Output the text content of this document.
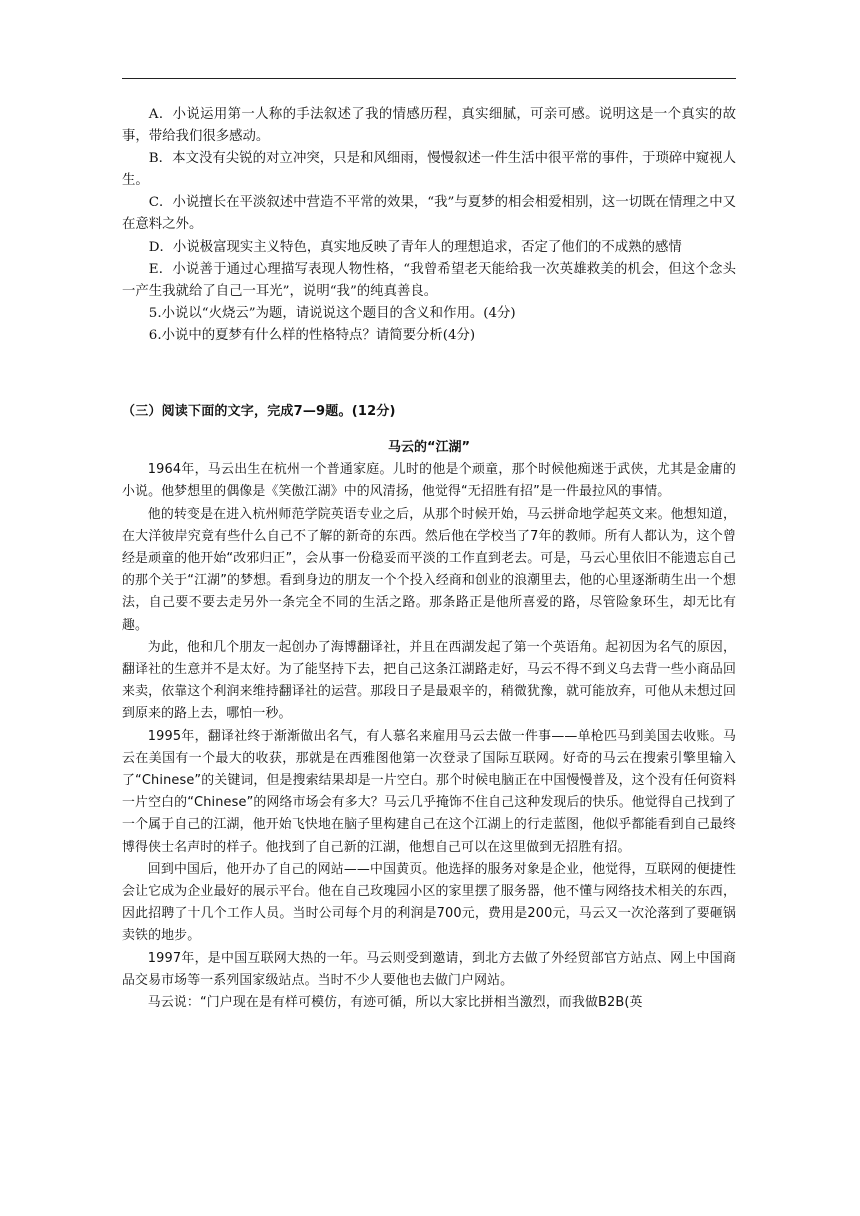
A．小说运用第一人称的手法叙述了我的情感历程，真实细腻，可亲可感。说明这是一个真实的故事，带给我们很多感动。

B．本文没有尖锐的对立冲突，只是和风细雨，慢慢叙述一件生活中很平常的事件，于琐碎中窥视人生。

C．小说擅长在平淡叙述中营造不平常的效果，“我”与夏梦的相会相爱相别，这一切既在情理之中又在意料之外。

D．小说极富现实主义特色，真实地反映了青年人的理想追求，否定了他们的不成熟的感情

E．小说善于通过心理描写表现人物性格，“我曾希望老天能给我一次英雄救美的机会，但这个念头一产生我就给了自己一耳光”，说明“我”的纯真善良。

5.小说以“火烧云”为题，请说说这个题目的含义和作用。(4分)

6.小说中的夏梦有什么样的性格特点？请简要分析(4分)

（三）阅读下面的文字，完成7—9题。(12分)

马云的“江湖”

1964年，马云出生在杭州一个普通家庭。儿时的他是个顽童，那个时候他痴迷于武侠，尤其是金庸的小说。他梦想里的偶像是《笑傲江湖》中的风清扬，他觉得“无招胜有招”是一件最拉风的事情。

他的转变是在进入杭州师范学院英语专业之后，从那个时候开始，马云拼命地学起英文来。他想知道，在大洋彼岸究竟有些什么自己不了解的新奇的东西。然后他在学校当了7年的教师。所有人都认为，这个曾经是顽童的他开始“改邪归正”，会从事一份稳妥而平淡的工作直到老去。可是，马云心里依旧不能遗忘自己的那个关于“江湖”的梦想。看到身边的朋友一个个投入经商和创业的浪潮里去，他的心里逐渐萌生出一个想法，自己要不要去走另外一条完全不同的生活之路。那条路正是他所喜爱的路，尽管险象环生，却无比有趣。

为此，他和几个朋友一起创办了海博翻译社，并且在西湖发起了第一个英语角。起初因为名气的原因，翻译社的生意并不是太好。为了能坚持下去，把自己这条江湖路走好，马云不得不到义乌去背一些小商品回来卖，依靠这个利润来维持翻译社的运营。那段日子是最艰辛的，稍微犹豫，就可能放弃，可他从未想过回到原来的路上去，哪怕一秒。

1995年，翻译社终于渐渐做出名气，有人慕名来雇用马云去做一件事——单枪匹马到美国去收账。马云在美国有一个最大的收获，那就是在西雅图他第一次登录了国际互联网。好奇的马云在搜索引擎里输入了“Chinese”的关键词，但是搜索结果却是一片空白。那个时候电脑正在中国慢慢普及，这个没有任何资料一片空白的“Chinese”的网络市场会有多大？马云几乎掩饰不住自己这种发现后的快乐。他觉得自己找到了一个属于自己的江湖，他开始飞快地在脑子里构建自己在这个江湖上的行走蓝图，他似乎都能看到自己最终博得侠士名声时的样子。他找到了自己新的江湖，他想自己可以在这里做到无招胜有招。

回到中国后，他开办了自己的网站——中国黄页。他选择的服务对象是企业，他觉得，互联网的便捷性会让它成为企业最好的展示平台。他在自己玫瑰园小区的家里摆了服务器，他不懂与网络技术相关的东西，因此招聘了十几个工作人员。当时公司每个月的利润是700元，费用是200元，马云又一次沦落到了要砸锅卖铁的地步。

1997年，是中国互联网大热的一年。马云则受到邀请，到北方去做了外经贸部官方站点、网上中国商品交易市场等一系列国家级站点。当时不少人要他也去做门户网站。

马云说：“门户现在是有样可模仿，有迹可循，所以大家比拼相当激烈，而我做B2B(英
